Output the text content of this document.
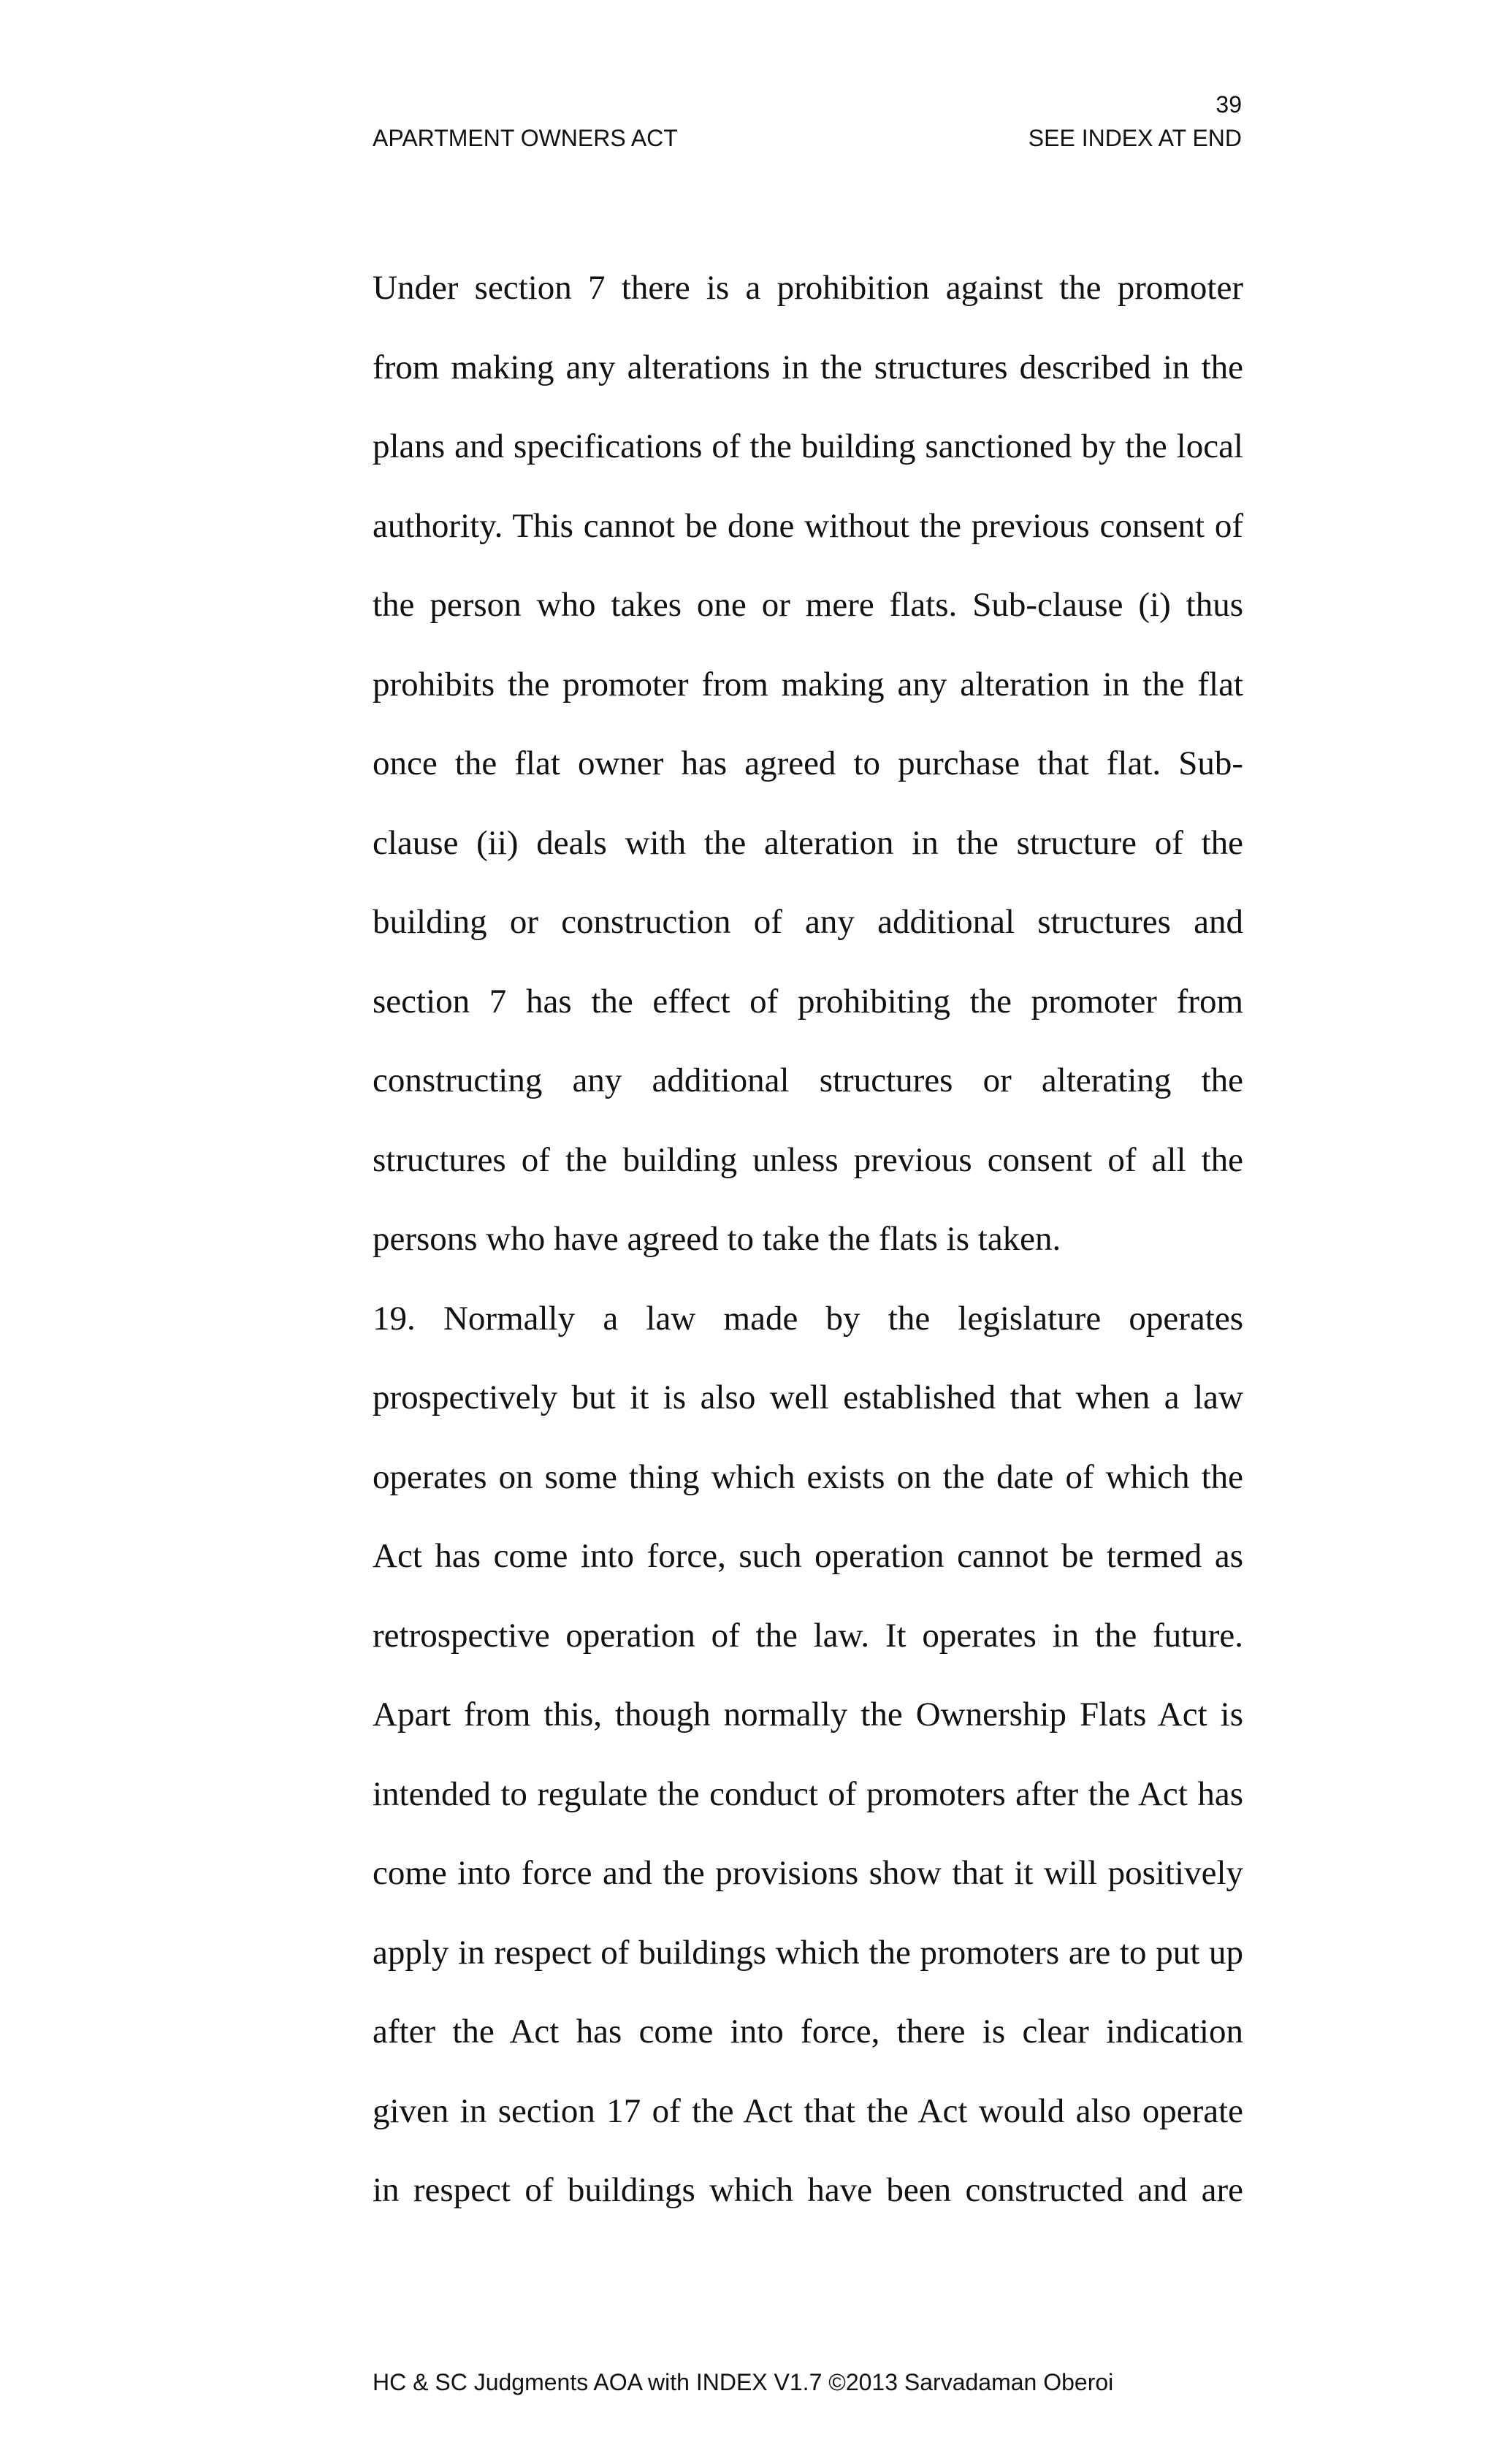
39
APARTMENT OWNERS ACT	SEE INDEX AT END
Under section 7 there is a prohibition against the promoter
from making any alterations in the structures described in the
plans and specifications of the building sanctioned by the local
authority. This cannot be done without the previous consent of
the person who takes one or mere flats. Sub-clause (i) thus
prohibits the promoter from making any alteration in the flat
once the flat owner has agreed to purchase that flat. Sub-
clause (ii) deals with the alteration in the structure of the
building or construction of any additional structures and
section 7 has the effect of prohibiting the promoter from
constructing any additional structures or alterating the
structures of the building unless previous consent of all the
persons who have agreed to take the flats is taken.
19. Normally a law made by the legislature operates
prospectively but it is also well established that when a law
operates on some thing which exists on the date of which the
Act has come into force, such operation cannot be termed as
retrospective operation of the law. It operates in the future.
Apart from this, though normally the Ownership Flats Act is
intended to regulate the conduct of promoters after the Act has
come into force and the provisions show that it will positively
apply in respect of buildings which the promoters are to put up
after the Act has come into force, there is clear indication
given in section 17 of the Act that the Act would also operate
in respect of buildings which have been constructed and are
HC & SC Judgments AOA with INDEX V1.7 ©2013 Sarvadaman Oberoi
